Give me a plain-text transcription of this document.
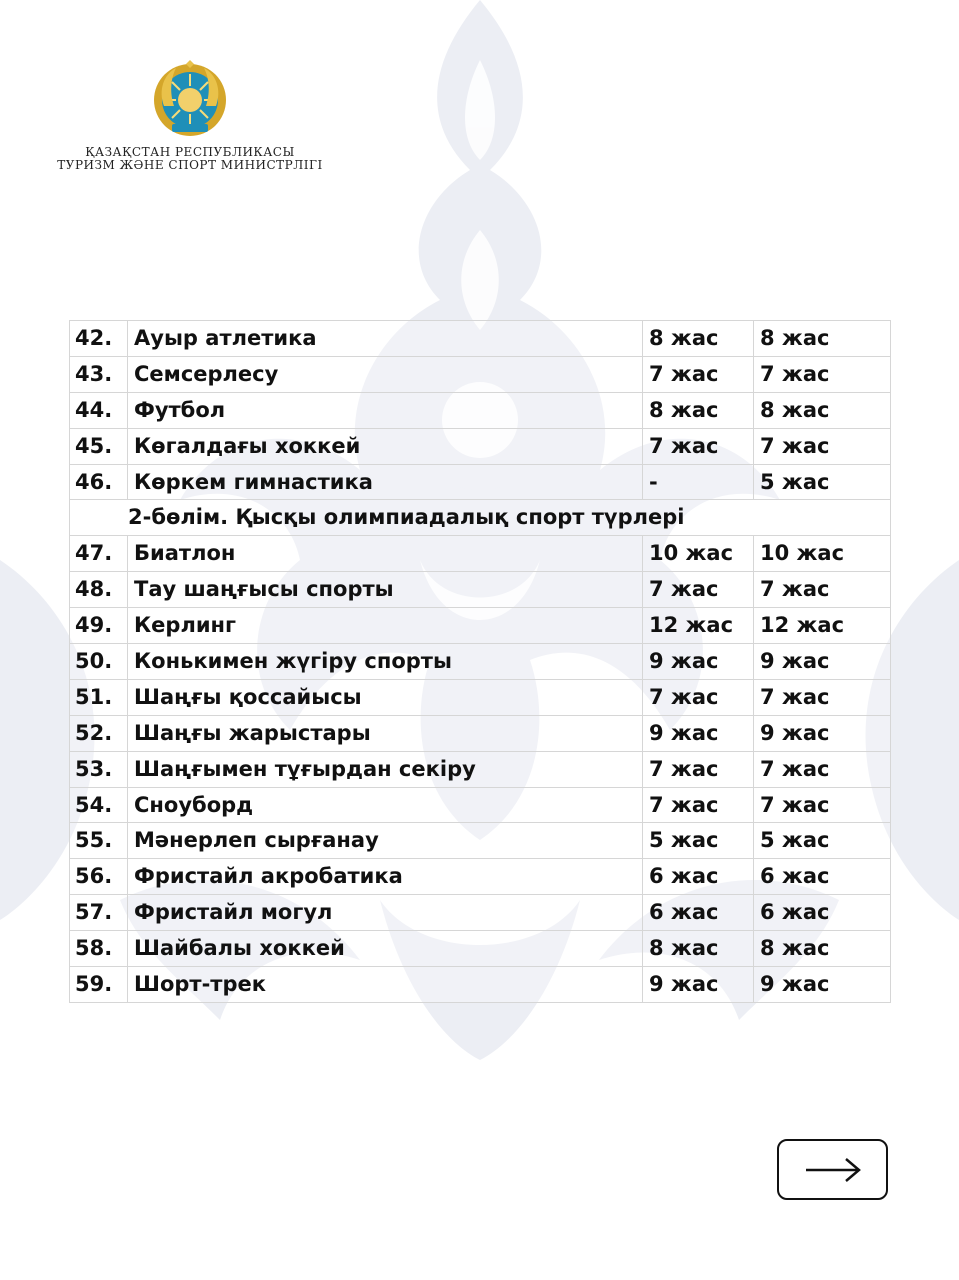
ҚАЗАҚСТАН РЕСПУБЛИКАСЫ
ТУРИЗМ ЖӘНЕ СПОРТ МИНИСТРЛІГІ
42.	Ауыр атлетика	8 жас	8 жас
43.	Семсерлесу	7 жас	7 жас
44.	Футбол	8 жас	8 жас
45.	Көгалдағы хоккей	7 жас	7 жас
46.	Көркем гимнастика	-	5 жас
2-бөлім. Қысқы олимпиадалық спорт түрлері			
47.	Биатлон	10 жас	10 жас
48.	Тау шаңғысы спорты	7 жас	7 жас
49.	Керлинг	12 жас	12 жас
50.	Конькимен жүгіру спорты	9 жас	9 жас
51.	Шаңғы қоссайысы	7 жас	7 жас
52.	Шаңғы жарыстары	9 жас	9 жас
53.	Шаңғымен тұғырдан секіру	7 жас	7 жас
54.	Сноуборд	7 жас	7 жас
55.	Мәнерлеп сырғанау	5 жас	5 жас
56.	Фристайл акробатика	6 жас	6 жас
57.	Фристайл могул	6 жас	6 жас
58.	Шайбалы хоккей	8 жас	8 жас
59.	Шорт-трек	9 жас	9 жас
